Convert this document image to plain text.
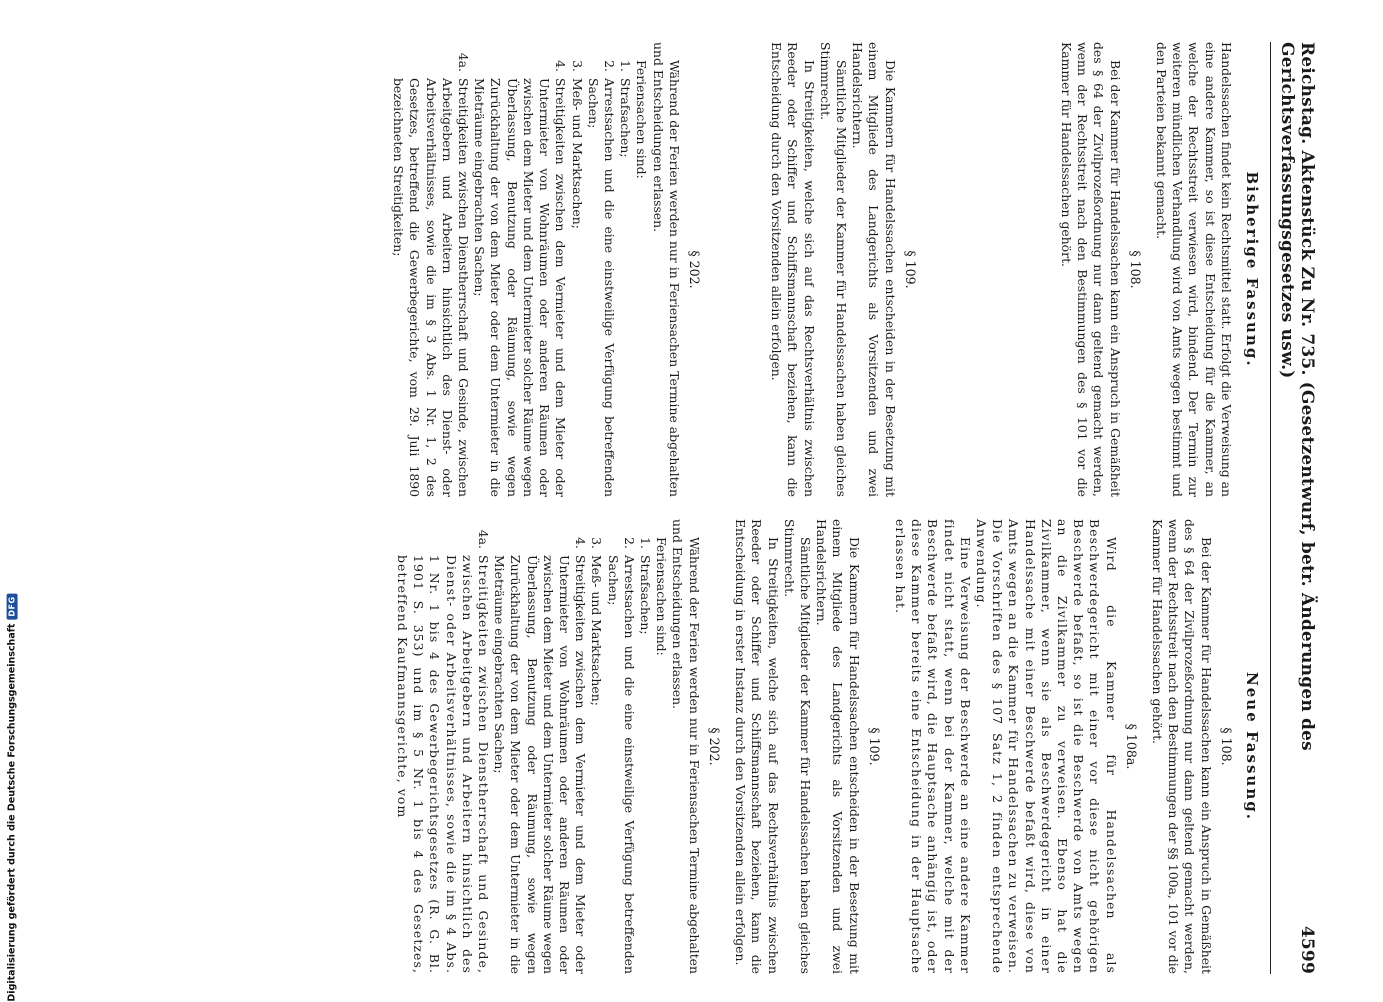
Reichstag. Aktenstück Zu Nr. 735. (Gesetzentwurf, betr. Änderungen des Gerichtsverfassungsgesetzes usw.)
4599
Bisherige Fassung.

Handelssachen findet kein Rechtsmittel statt. Erfolgt die Verweisung an eine andere Kammer, so ist diese Entscheidung für die Kammer, an welche der Rechtsstreit verwiesen wird, bindend. Der Termin zur weiteren mündlichen Verhandlung wird von Amts wegen bestimmt und den Parteien bekannt gemacht.

§ 108.

Bei der Kammer für Handelssachen kann ein Anspruch in Gemäßheit des § 64 der Zivilprozeßordnung nur dann geltend gemacht werden, wenn der Rechtsstreit nach den Bestimmungen des § 101 vor die Kammer für Handelssachen gehört.

§ 109.

Die Kammern für Handelssachen entscheiden in der Besetzung mit einem Mitgliede des Landgerichts als Vorsitzenden und zwei Handelsrichtern.

Sämtliche Mitglieder der Kammer für Handelssachen haben gleiches Stimmrecht.

In Streitigkeiten, welche sich auf das Rechtsverhältnis zwischen Reeder oder Schiffer und Schiffsmannschaft beziehen, kann die Entscheidung durch den Vorsitzenden allein erfolgen.

§ 202.

Während der Ferien werden nur in Feriensachen Termine abgehalten und Entscheidungen erlassen.

Feriensachen sind:

1.
Strafsachen;
2.
Arrestsachen und die eine einstweilige Verfügung betreffenden Sachen;
3.
Meß- und Marktsachen;
4.
Streitigkeiten zwischen dem Vermieter und dem Mieter oder Untermieter von Wohnräumen oder anderen Räumen oder zwischen dem Mieter und dem Untermieter solcher Räume wegen Überlassung, Benutzung oder Räumung, sowie wegen Zurückhaltung der von dem Mieter oder dem Untermieter in die Mieträume eingebrachten Sachen;
4a.
Streitigkeiten zwischen Dienstherrschaft und Gesinde, zwischen Arbeitgebern und Arbeitern hinsichtlich des Dienst- oder Arbeitsverhältnisses, sowie die im § 3 Abs. 1 Nr. 1, 2 des Gesetzes, betreffend die Gewerbegerichte, vom 29. Juli 1890 bezeichneten Streitigkeiten;
Neue Fassung.
§ 108.

Bei der Kammer für Handelssachen kann ein Anspruch in Gemäßheit des § 64 der Zivilprozeßordnung nur dann geltend gemacht werden, wenn der Rechtsstreit nach den Bestimmungen der §§ 100a, 101 vor die Kammer für Handelssachen gehört.

§ 108a.

Wird die Kammer für Handelssachen als Beschwerdegericht mit einer vor diese nicht gehörigen Beschwerde befaßt, so ist die Beschwerde von Amts wegen an die Zivilkammer zu verweisen. Ebenso hat die Zivilkammer, wenn sie als Beschwerdegericht in einer Handelssache mit einer Beschwerde befaßt wird, diese von Amts wegen an die Kammer für Handelssachen zu verweisen. Die Vorschriften des § 107 Satz 1, 2 finden entsprechende Anwendung.

Eine Verweisung der Beschwerde an eine andere Kammer findet nicht statt, wenn bei der Kammer, welche mit der Beschwerde befaßt wird, die Hauptsache anhängig ist, oder diese Kammer bereits eine Entscheidung in der Hauptsache erlassen hat.

§ 109.

Die Kammern für Handelssachen entscheiden in der Besetzung mit einem Mitgliede des Landgerichts als Vorsitzenden und zwei Handelsrichtern.

Sämtliche Mitglieder der Kammer für Handelssachen haben gleiches Stimmrecht.

In Streitigkeiten, welche sich auf das Rechtsverhältnis zwischen Reeder oder Schiffer und Schiffsmannschaft beziehen, kann die Entscheidung in erster Instanz durch den Vorsitzenden allein erfolgen.

§ 202.

Während der Ferien werden nur in Feriensachen Termine abgehalten und Entscheidungen erlassen.

Feriensachen sind:

1.
Strafsachen;
2.
Arrestsachen und die eine einstweilige Verfügung betreffenden Sachen;
3.
Meß- und Marktsachen;
4.
Streitigkeiten zwischen dem Vermieter und dem Mieter oder Untermieter von Wohnräumen oder anderen Räumen oder zwischen dem Mieter und dem Untermieter solcher Räume wegen Überlassung, Benutzung oder Räumung, sowie wegen Zurückhaltung der von dem Mieter oder dem Untermieter in die Mieträume eingebrachten Sachen;
4a.
Streitigkeiten zwischen Dienstherrschaft und Gesinde, zwischen Arbeitgebern und Arbeitern hinsichtlich des Dienst- oder Arbeitsverhältnisses, sowie die im § 4 Abs. 1 Nr. 1 bis 4 des Gewerbegerichtsgesetzes (R. G. Bl. 1901 S. 353) und im § 5 Nr. 1 bis 4 des Gesetzes, betreffend Kaufmannsgerichte, vom
Digitalisierung gefördert durch die Deutsche Forschungsgemeinschaft
DFG
